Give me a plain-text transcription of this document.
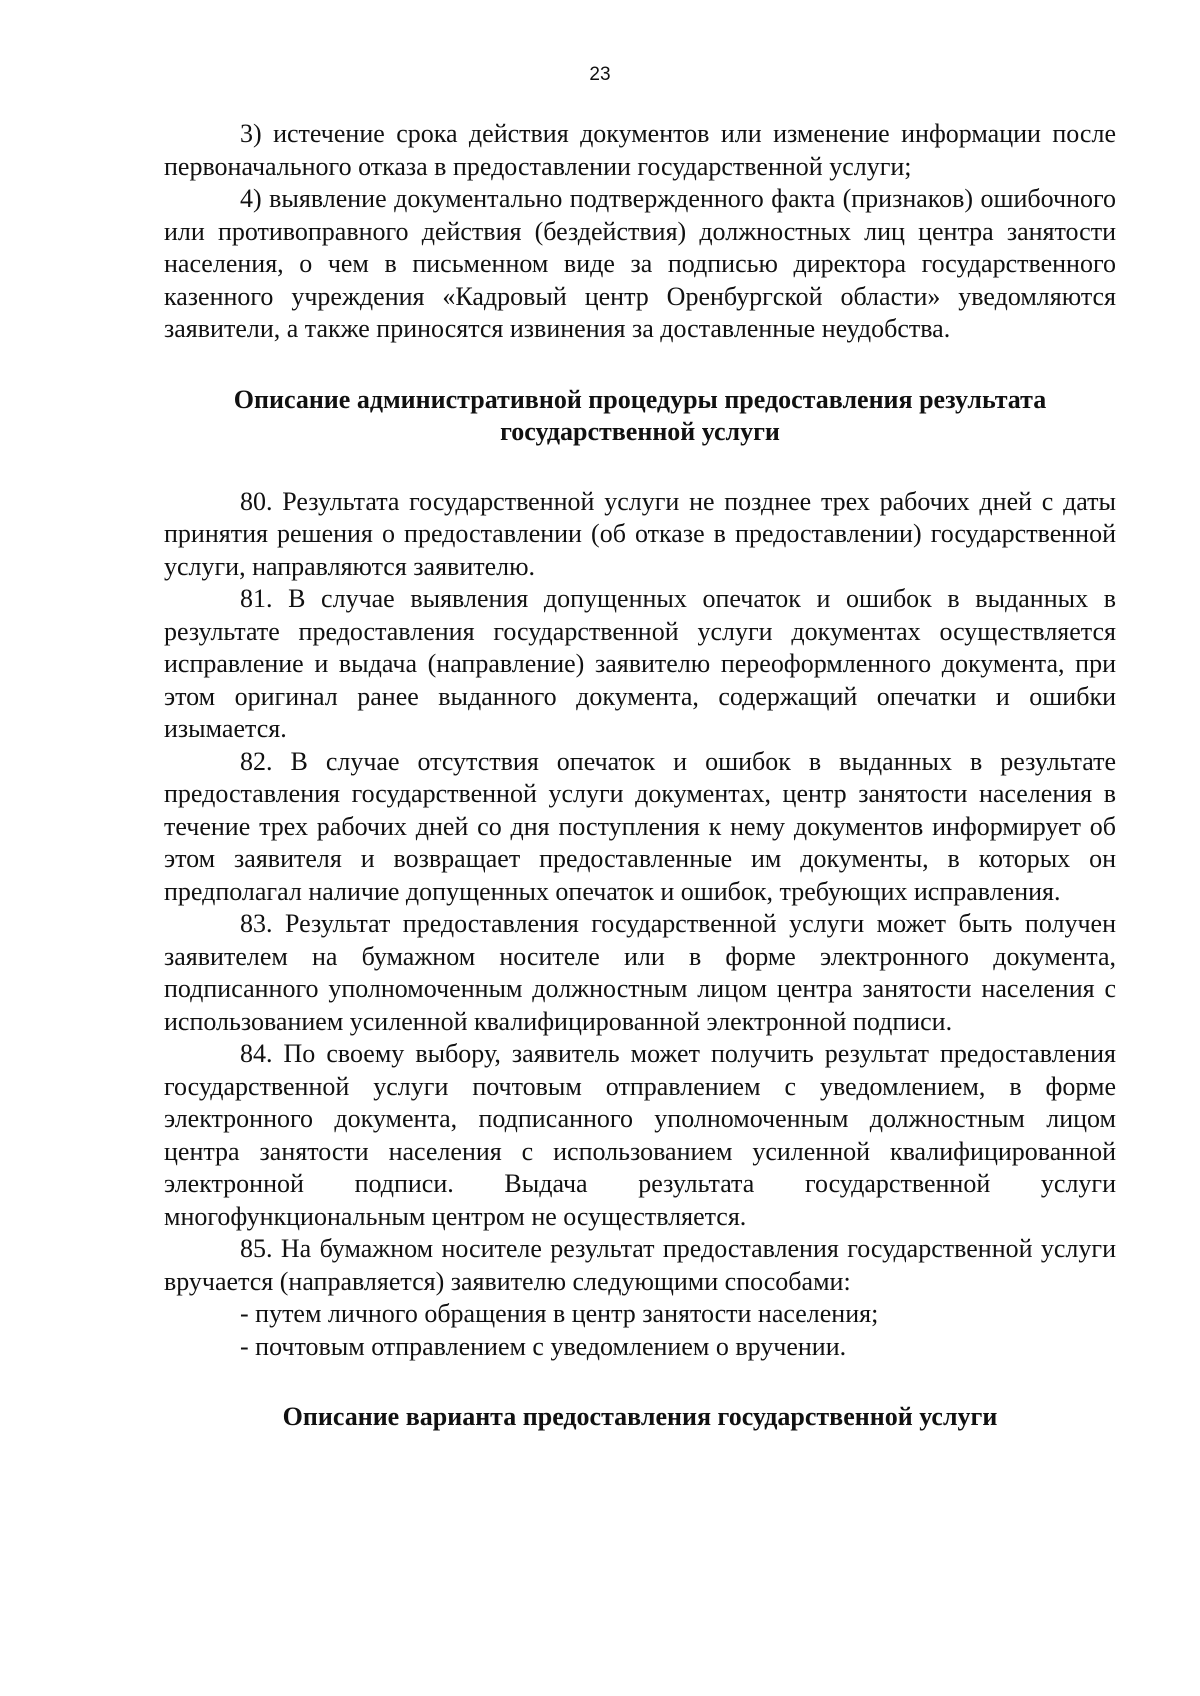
23

3) истечение срока действия документов или изменение информации после первоначального отказа в предоставлении государственной услуги;

4) выявление документально подтвержденного факта (признаков) ошибочного или противоправного действия (бездействия) должностных лиц центра занятости населения, о чем в письменном виде за подписью директора государственного казенного учреждения «Кадровый центр Оренбургской области» уведомляются заявители, а также приносятся извинения за доставленные неудобства.

Описание административной процедуры предоставления результата государственной услуги

80. Результата государственной услуги не позднее трех рабочих дней с даты принятия решения о предоставлении (об отказе в предоставлении) государственной услуги, направляются заявителю.

81. В случае выявления допущенных опечаток и ошибок в выданных в результате предоставления государственной услуги документах осуществляется исправление и выдача (направление) заявителю переоформленного документа, при этом оригинал ранее выданного документа, содержащий опечатки и ошибки изымается.

82. В случае отсутствия опечаток и ошибок в выданных в результате предоставления государственной услуги документах, центр занятости населения в течение трех рабочих дней со дня поступления к нему документов информирует об этом заявителя и возвращает предоставленные им документы, в которых он предполагал наличие допущенных опечаток и ошибок, требующих исправления.

83. Результат предоставления государственной услуги может быть получен заявителем на бумажном носителе или в форме электронного документа, подписанного уполномоченным должностным лицом центра занятости населения с использованием усиленной квалифицированной электронной подписи.

84. По своему выбору, заявитель может получить результат предоставления государственной услуги почтовым отправлением с уведомлением, в форме электронного документа, подписанного уполномоченным должностным лицом центра занятости населения с использованием усиленной квалифицированной электронной подписи. Выдача результата государственной услуги многофункциональным центром не осуществляется.

85. На бумажном носителе результат предоставления государственной услуги вручается (направляется) заявителю следующими способами:

- путем личного обращения в центр занятости населения;

- почтовым отправлением с уведомлением о вручении.

Описание варианта предоставления государственной услуги
